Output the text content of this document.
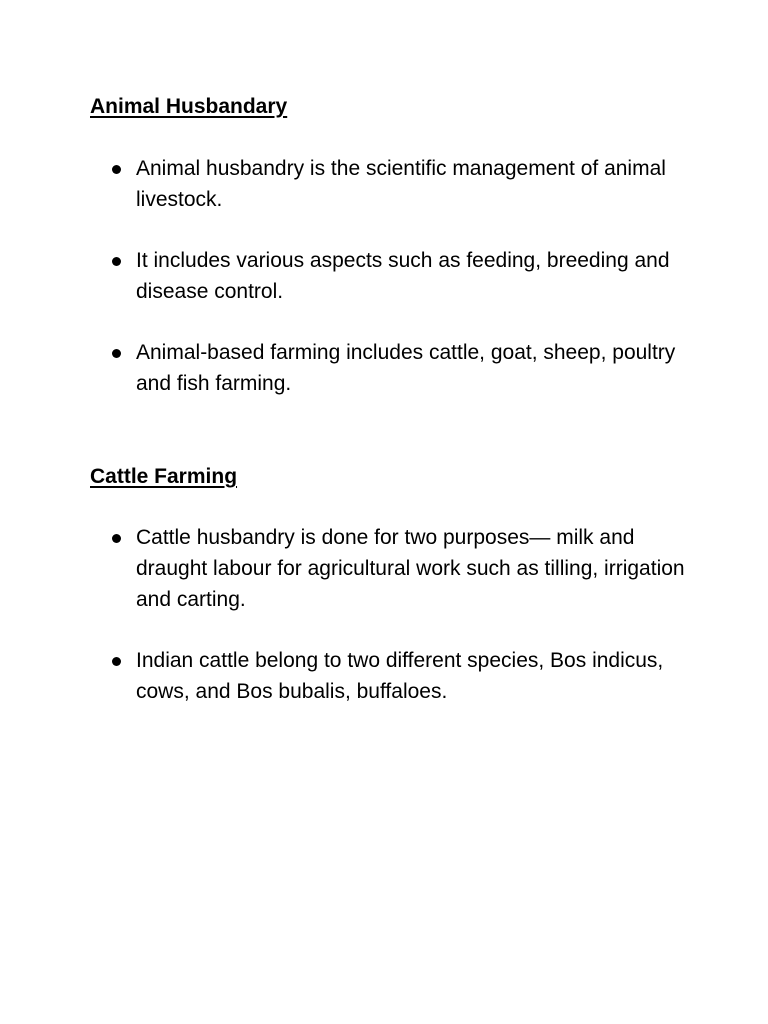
Animal Husbandary
Animal husbandry is the scientific management of animal livestock.
It includes various aspects such as feeding, breeding and disease control.
Animal-based farming includes cattle, goat, sheep, poultry and fish farming.
Cattle Farming
Cattle husbandry is done for two purposes— milk and draught labour for agricultural work such as tilling, irrigation and carting.
Indian cattle belong to two different species, Bos indicus, cows, and Bos bubalis, buffaloes.
